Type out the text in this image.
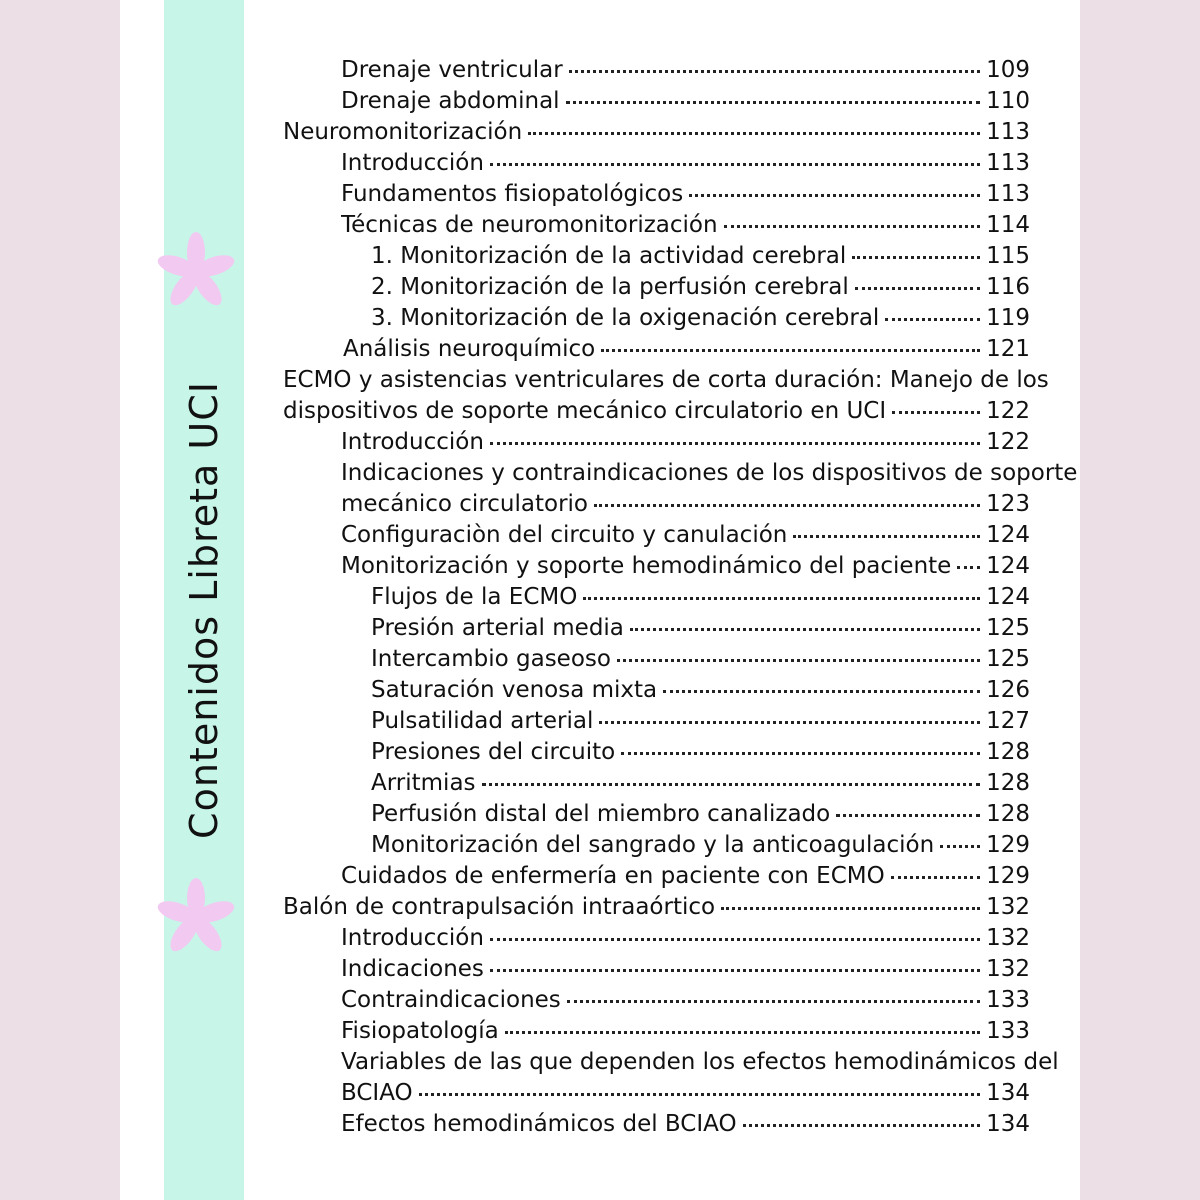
Contenidos Libreta UCI
Drenaje ventricular	109
Drenaje abdominal	110
Neuromonitorización	113
Introducción	113
Fundamentos fisiopatológicos	113
Técnicas de neuromonitorización	114
1. Monitorización de la actividad cerebral	115
2. Monitorización de la perfusión cerebral	116
3. Monitorización de la oxigenación cerebral	119
Análisis neuroquímico	121
ECMO y asistencias ventriculares de corta duración: Manejo de los
dispositivos de soporte mecánico circulatorio en UCI	122
Introducción	122
Indicaciones y contraindicaciones de los dispositivos de soporte
mecánico circulatorio	123
Configuraciòn del circuito y canulación	124
Monitorización y soporte hemodinámico del paciente 124
Flujos de la ECMO	124
Presión arterial media	125
Intercambio gaseoso	125
Saturación venosa mixta	126
Pulsatilidad arterial	127
Presiones del circuito	128
Arritmias	128
Perfusión distal del miembro canalizado	128
Monitorización del sangrado y la anticoagulación 129
Cuidados de enfermería en paciente con ECMO	129
Balón de contrapulsación intraaórtico	132
Introducción	132
Indicaciones	132
Contraindicaciones	133
Fisiopatología	133
Variables de las que dependen los efectos hemodinámicos del
BCIAO	134
Efectos hemodinámicos del BCIAO	134
